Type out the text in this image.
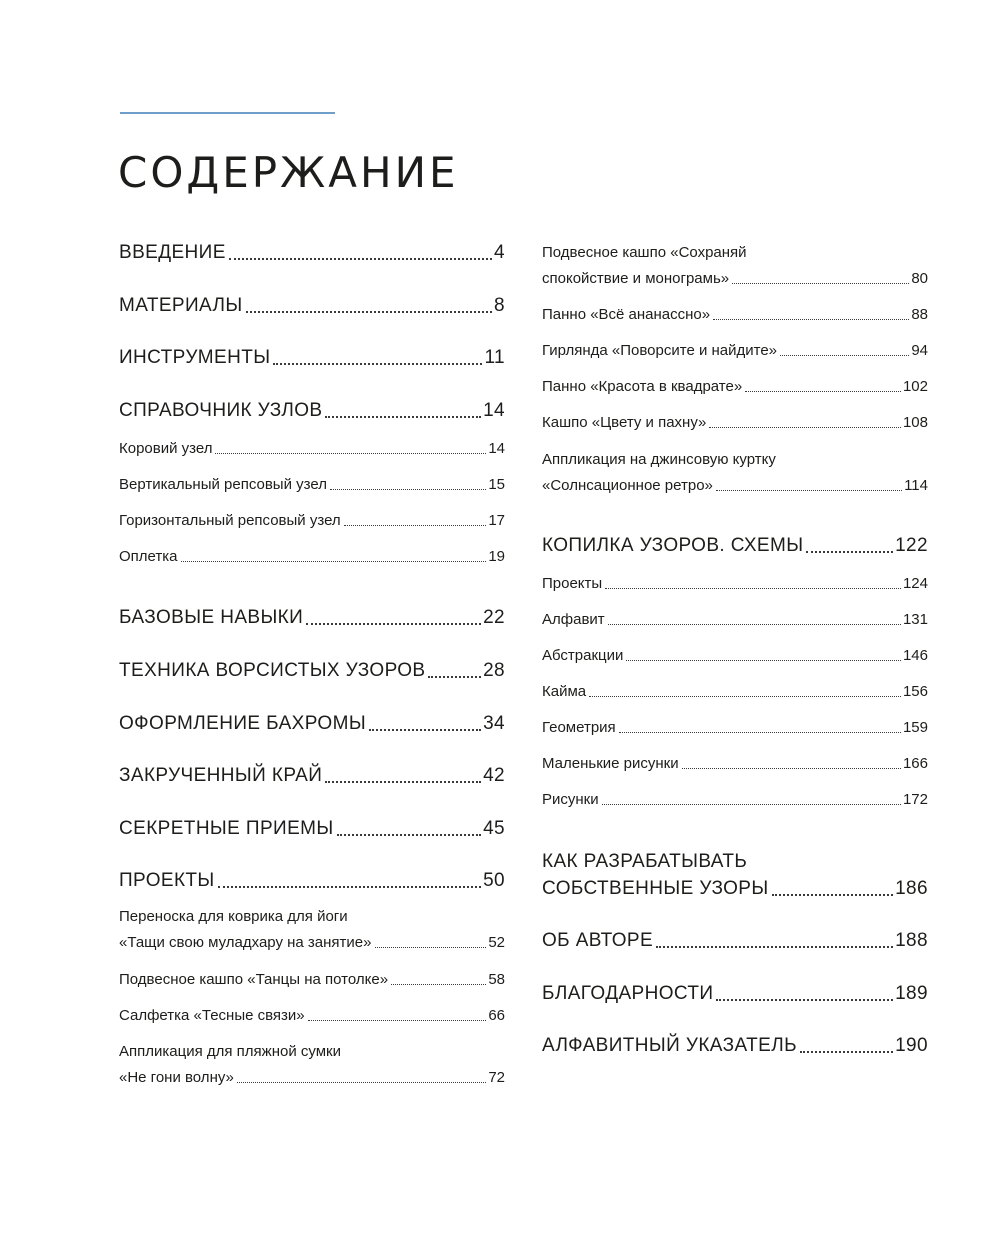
СОДЕРЖАНИЕ
ВВЕДЕНИЕ	4
МАТЕРИАЛЫ	8
ИНСТРУМЕНТЫ	11
СПРАВОЧНИК УЗЛОВ	14
Коровий узел	14
Вертикальный репсовый узел	15
Горизонтальный репсовый узел	17
Оплетка	19
БАЗОВЫЕ НАВЫКИ	22
ТЕХНИКА ВОРСИСТЫХ УЗОРОВ	28
ОФОРМЛЕНИЕ БАХРОМЫ	34
ЗАКРУЧЕННЫЙ КРАЙ	42
СЕКРЕТНЫЕ ПРИЕМЫ	45
ПРОЕКТЫ	50
Переноска для коврика для йоги
«Тащи свою муладхару на занятие»	52
Подвесное кашпо «Танцы на потолке»	58
Салфетка «Тесные связи»	66
Аппликация для пляжной сумки
«Не гони волну»	72
Подвесное кашпо «Сохраняй
спокойствие и монограмь»	80
Панно «Всё ананассно»	88
Гирлянда «Поворсите и найдите»	94
Панно «Красота в квадрате»	102
Кашпо «Цвету и пахну»	108
Аппликация на джинсовую куртку
«Солнсационное ретро»	114
КОПИЛКА УЗОРОВ. СХЕМЫ	122
Проекты	124
Алфавит	131
Абстракции	146
Кайма	156
Геометрия	159
Маленькие рисунки	166
Рисунки	172
КАК РАЗРАБАТЫВАТЬ
СОБСТВЕННЫЕ УЗОРЫ	186
ОБ АВТОРЕ	188
БЛАГОДАРНОСТИ	189
АЛФАВИТНЫЙ УКАЗАТЕЛЬ	190
